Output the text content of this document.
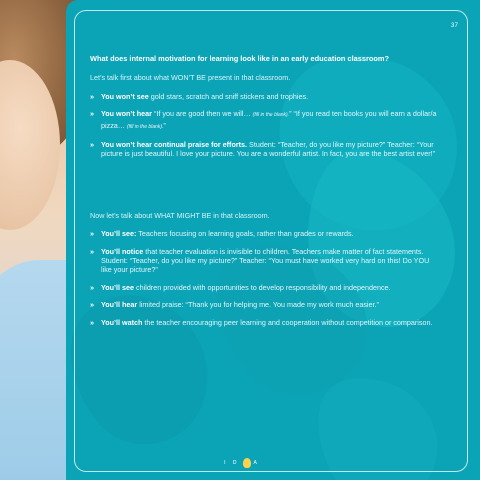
37
What does internal motivation for learning look like in an early education classroom?
Let’s talk first about what WON’T BE present in that classroom.
» You won’t see gold stars, scratch and sniff stickers and trophies.
» You won’t hear “If you are good then we will… (fill in the blank).” “If you read ten books you will earn a dollar/a pizza… (fill in the blank).”
» You won’t hear continual praise for efforts. Student: “Teacher, do you like my picture?” Teacher: “Your picture is just beautiful. I love your picture. You are a wonderful artist. In fact, you are the best artist ever!”
Now let’s talk about WHAT MIGHT BE in that classroom.
» You’ll see: Teachers focusing on learning goals, rather than grades or rewards.
» You’ll notice that teacher evaluation is invisible to children. Teachers make matter of fact statements. Student: “Teacher, do you like my picture?” Teacher: “You must have worked very hard on this! Do YOU like your picture?”
» You’ll see children provided with opportunities to develop responsibility and independence.
» You’ll hear limited praise: “Thank you for helping me. You made my work much easier.”
» You’ll watch the teacher encouraging peer learning and cooperation without competition or comparison.
I D	A
